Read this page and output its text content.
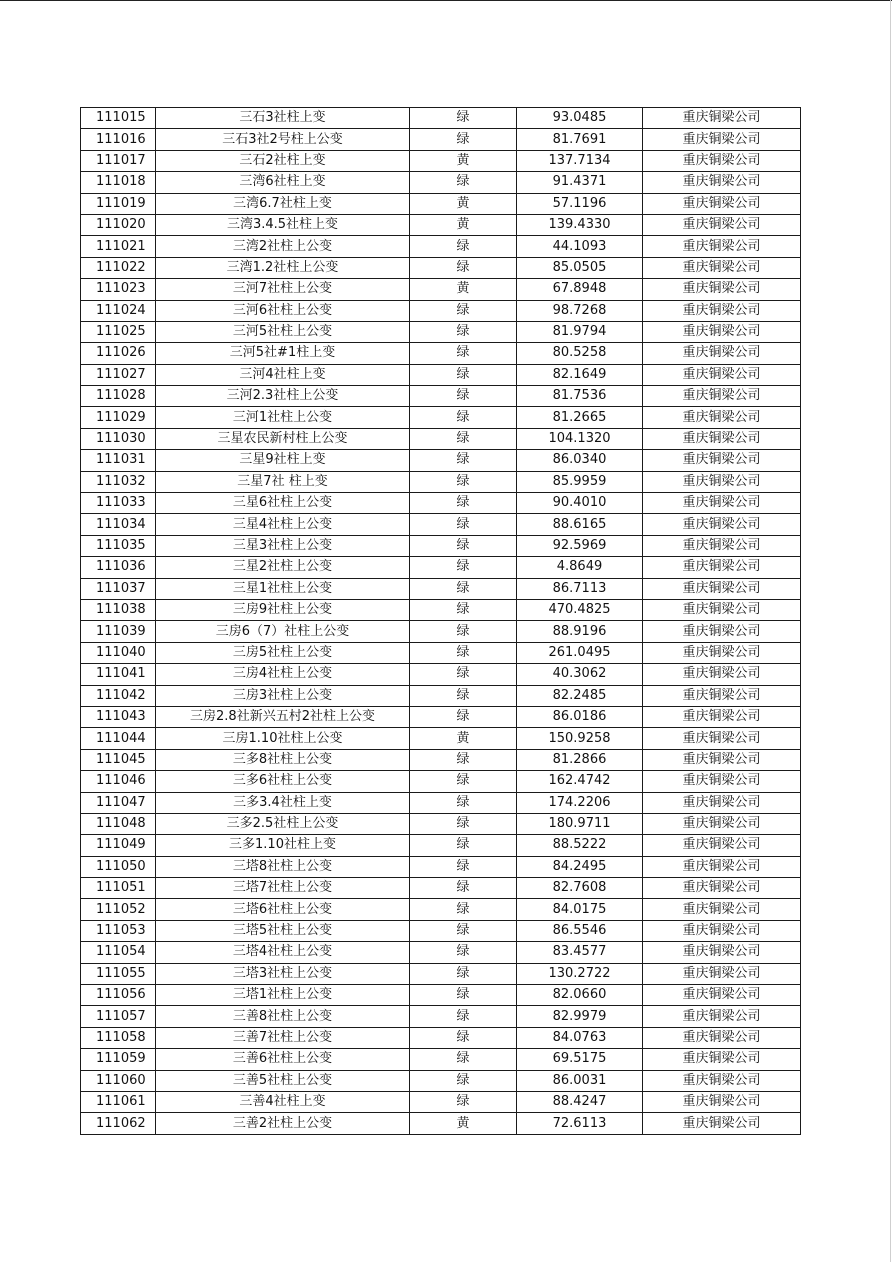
111015	三石3社柱上变	绿	93.0485	重庆铜梁公司
111016	三石3社2号柱上公变	绿	81.7691	重庆铜梁公司
111017	三石2社柱上变	黄	137.7134	重庆铜梁公司
111018	三湾6社柱上变	绿	91.4371	重庆铜梁公司
111019	三湾6.7社柱上变	黄	57.1196	重庆铜梁公司
111020	三湾3.4.5社柱上变	黄	139.4330	重庆铜梁公司
111021	三湾2社柱上公变	绿	44.1093	重庆铜梁公司
111022	三湾1.2社柱上公变	绿	85.0505	重庆铜梁公司
111023	三河7社柱上公变	黄	67.8948	重庆铜梁公司
111024	三河6社柱上公变	绿	98.7268	重庆铜梁公司
111025	三河5社柱上公变	绿	81.9794	重庆铜梁公司
111026	三河5社#1柱上变	绿	80.5258	重庆铜梁公司
111027	三河4社柱上变	绿	82.1649	重庆铜梁公司
111028	三河2.3社柱上公变	绿	81.7536	重庆铜梁公司
111029	三河1社柱上公变	绿	81.2665	重庆铜梁公司
111030	三星农民新村柱上公变	绿	104.1320	重庆铜梁公司
111031	三星9社柱上变	绿	86.0340	重庆铜梁公司
111032	三星7社 柱上变	绿	85.9959	重庆铜梁公司
111033	三星6社柱上公变	绿	90.4010	重庆铜梁公司
111034	三星4社柱上公变	绿	88.6165	重庆铜梁公司
111035	三星3社柱上公变	绿	92.5969	重庆铜梁公司
111036	三星2社柱上公变	绿	4.8649	重庆铜梁公司
111037	三星1社柱上公变	绿	86.7113	重庆铜梁公司
111038	三房9社柱上公变	绿	470.4825	重庆铜梁公司
111039	三房6（7）社柱上公变	绿	88.9196	重庆铜梁公司
111040	三房5社柱上公变	绿	261.0495	重庆铜梁公司
111041	三房4社柱上公变	绿	40.3062	重庆铜梁公司
111042	三房3社柱上公变	绿	82.2485	重庆铜梁公司
111043	三房2.8社新兴五村2社柱上公变	绿	86.0186	重庆铜梁公司
111044	三房1.10社柱上公变	黄	150.9258	重庆铜梁公司
111045	三多8社柱上公变	绿	81.2866	重庆铜梁公司
111046	三多6社柱上公变	绿	162.4742	重庆铜梁公司
111047	三多3.4社柱上变	绿	174.2206	重庆铜梁公司
111048	三多2.5社柱上公变	绿	180.9711	重庆铜梁公司
111049	三多1.10社柱上变	绿	88.5222	重庆铜梁公司
111050	三塔8社柱上公变	绿	84.2495	重庆铜梁公司
111051	三塔7社柱上公变	绿	82.7608	重庆铜梁公司
111052	三塔6社柱上公变	绿	84.0175	重庆铜梁公司
111053	三塔5社柱上公变	绿	86.5546	重庆铜梁公司
111054	三塔4社柱上公变	绿	83.4577	重庆铜梁公司
111055	三塔3社柱上公变	绿	130.2722	重庆铜梁公司
111056	三塔1社柱上公变	绿	82.0660	重庆铜梁公司
111057	三善8社柱上公变	绿	82.9979	重庆铜梁公司
111058	三善7社柱上公变	绿	84.0763	重庆铜梁公司
111059	三善6社柱上公变	绿	69.5175	重庆铜梁公司
111060	三善5社柱上公变	绿	86.0031	重庆铜梁公司
111061	三善4社柱上变	绿	88.4247	重庆铜梁公司
111062	三善2社柱上公变	黄	72.6113	重庆铜梁公司
